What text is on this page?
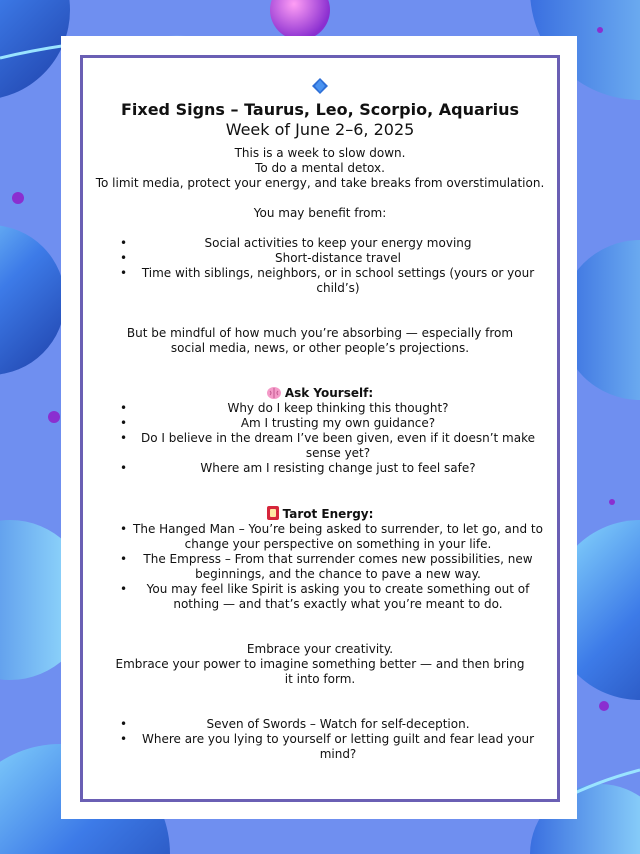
Fixed Signs – Taurus, Leo, Scorpio, Aquarius
Week of June 2–6, 2025

This is a week to slow down.

To do a mental detox.

To limit media, protect your energy, and take breaks from overstimulation.

You may benefit from:

• Social activities to keep your energy moving
• Short-distance travel
• Time with siblings, neighbors, or in school settings (yours or your child’s)

But be mindful of how much you’re absorbing — especially from social media, news, or other people’s projections.

Ask Yourself:

• Why do I keep thinking this thought?
• Am I trusting my own guidance?
• Do I believe in the dream I’ve been given, even if it doesn’t make sense yet?
• Where am I resisting change just to feel safe?

Tarot Energy:

• The Hanged Man – You’re being asked to surrender, to let go, and to change your perspective on something in your life.
• The Empress – From that surrender comes new possibilities, new beginnings, and the chance to pave a new way.
• You may feel like Spirit is asking you to create something out of nothing — and that’s exactly what you’re meant to do.

Embrace your creativity.

Embrace your power to imagine something better — and then bring it into form.

• Seven of Swords – Watch for self-deception.
• Where are you lying to yourself or letting guilt and fear lead your mind?
